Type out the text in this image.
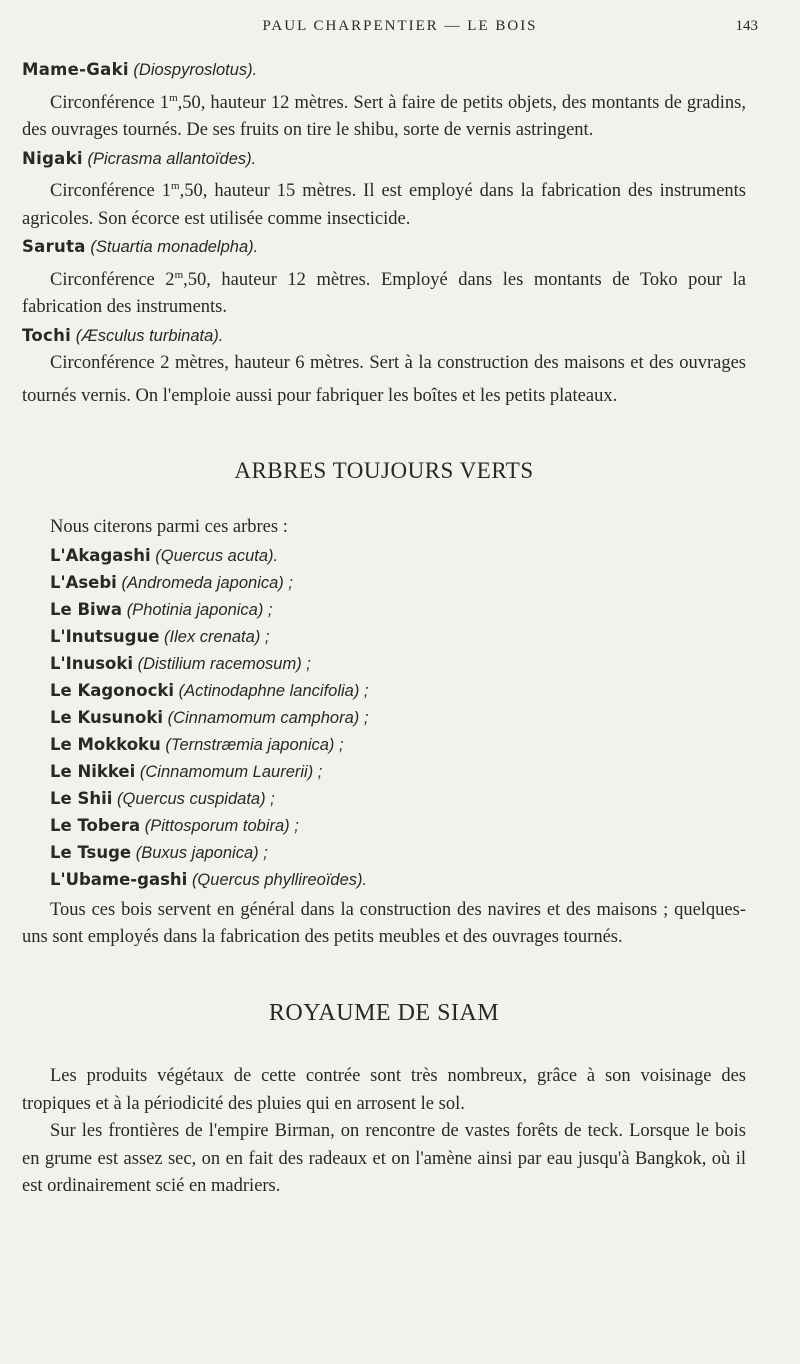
PAUL CHARPENTIER — LE BOIS	143

Mame-Gaki (Diospyroslotus).

Circonférence 1$^m$,50, hauteur 12 mètres. Sert à faire de petits objets, des montants de gradins, des ouvrages tournés. De ses fruits on tire le shibu, sorte de vernis astringent.

Nigaki (Picrasma allantoïdes).

Circonférence 1$^m$,50, hauteur 15 mètres. Il est employé dans la fabrication des instruments agricoles. Son écorce est utilisée comme insecticide.

Saruta (Stuartia monadelpha).

Circonférence 2$^m$,50, hauteur 12 mètres. Employé dans les montants de Toko pour la fabrication des instruments.

Tochi (Æsculus turbinata).

Circonférence 2 mètres, hauteur 6 mètres. Sert à la construction des maisons et des ouvrages tournés vernis. On l'emploie aussi pour fabriquer les boîtes et les petits plateaux.

ARBRES TOUJOURS VERTS

Nous citerons parmi ces arbres :

L'Akagashi (Quercus acuta).

L'Asebi (Andromeda japonica) ;

Le Biwa (Photinia japonica) ;

L'Inutsugue (Ilex crenata) ;

L'Inusoki (Distilium racemosum) ;

Le Kagonocki (Actinodaphne lancifolia) ;

Le Kusunoki (Cinnamomum camphora) ;

Le Mokkoku (Ternstræmia japonica) ;

Le Nikkei (Cinnamomum Laurerii) ;

Le Shii (Quercus cuspidata) ;

Le Tobera (Pittosporum tobira) ;

Le Tsuge (Buxus japonica) ;

L'Ubame-gashi (Quercus phyllireoïdes).

Tous ces bois servent en général dans la construction des navires et des maisons ; quelques-uns sont employés dans la fabrication des petits meubles et des ouvrages tournés.

ROYAUME DE SIAM

Les produits végétaux de cette contrée sont très nombreux, grâce à son voisinage des tropiques et à la périodicité des pluies qui en arrosent le sol.

Sur les frontières de l'empire Birman, on rencontre de vastes forêts de teck. Lorsque le bois en grume est assez sec, on en fait des radeaux et on l'amène ainsi par eau jusqu'à Bangkok, où il est ordinairement scié en madriers.
